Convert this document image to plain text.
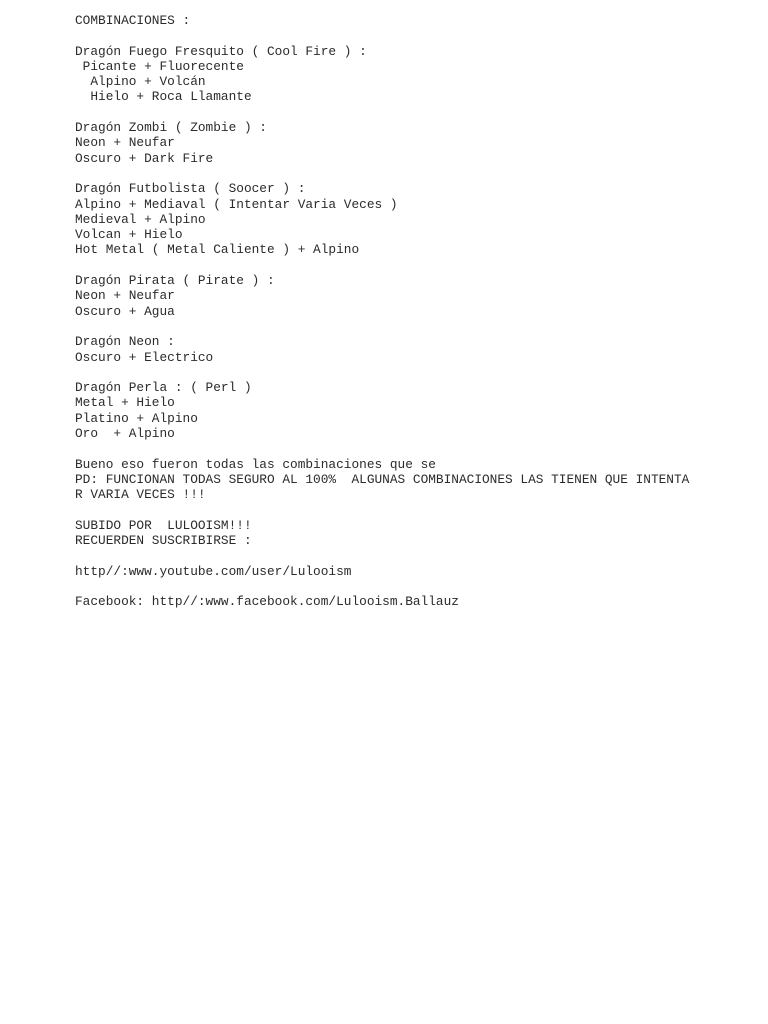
COMBINACIONES :
Dragón Fuego Fresquito ( Cool Fire ) :
Picante + Fluorecente
Alpino + Volcán
Hielo + Roca Llamante
Dragón Zombi ( Zombie ) :
Neon + Neufar
Oscuro + Dark Fire
Dragón Futbolista ( Soocer ) :
Alpino + Mediaval ( Intentar Varia Veces )
Medieval + Alpino
Volcan + Hielo
Hot Metal ( Metal Caliente ) + Alpino
Dragón Pirata ( Pirate ) :
Neon + Neufar
Oscuro + Agua
Dragón Neon :
Oscuro + Electrico
Dragón Perla : ( Perl )
Metal + Hielo
Platino + Alpino
Oro  + Alpino
Bueno eso fueron todas las combinaciones que se
PD: FUNCIONAN TODAS SEGURO AL 100%  ALGUNAS COMBINACIONES LAS TIENEN QUE INTENTA
R VARIA VECES !!!
SUBIDO POR  LULOOISM!!!
RECUERDEN SUSCRIBIRSE :
http//:www.youtube.com/user/Lulooism
Facebook: http//:www.facebook.com/Lulooism.Ballauz
